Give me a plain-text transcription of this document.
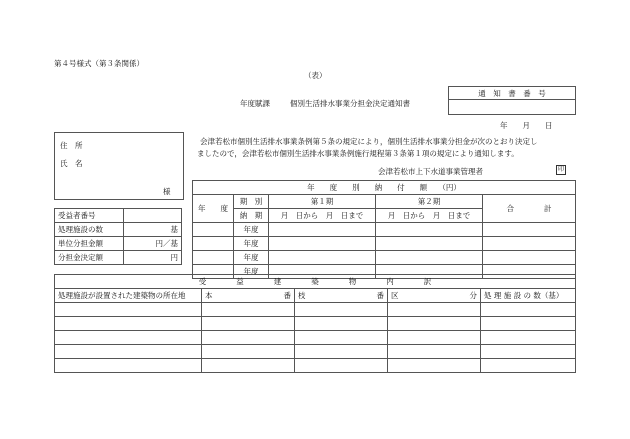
第４号様式（第３条関係）
（表）
年度賦課	個別生活排水事業分担金決定通知書
通　知　書　番　号

年　　月　　日
住　所
氏　名
様
会津若松市個別生活排水事業条例第５条の規定により，個別生活排水事業分担金が次のとおり決定し
ましたので，会津若松市個別生活排水事業条例施行規程第３条第１項の規定により通知します。
会津若松市上下水道事業管理者	印
受益者番号	
処理施設の数	基
単位分担金額	円／基
分担金決定額	円
年　　度　　別　　納　　付　　額　　（円）				
年　　度	期　別	第１期	第２期	合　　　　計
	納　期	月　日から　月　日まで	月　日から　月　日まで	
	年度			
	年度			
	年度			
	年度			
受　　　　益　　　　建　　　　築　　　　物　　　　内　　　　訳				
処理施設が設置された建築物の所在地	本 番	枝 番	区 分	処 理 施 設 の 数（基）
